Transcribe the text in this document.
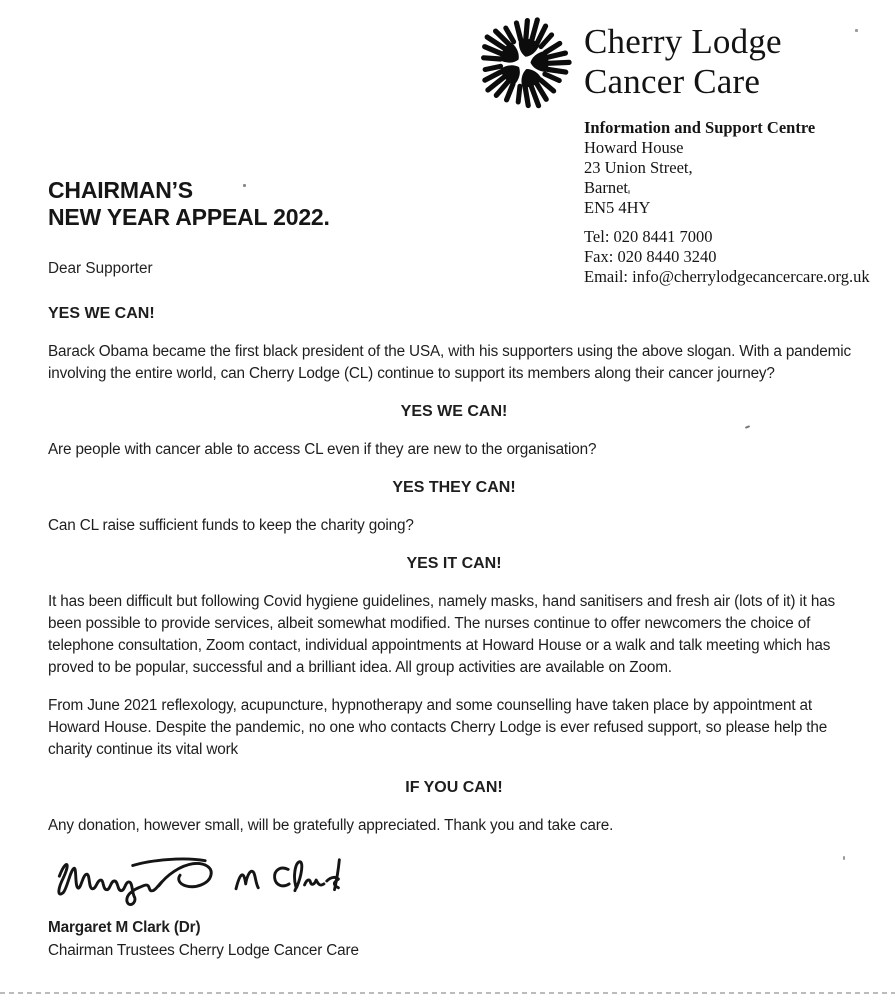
Cherry Lodge
Cancer Care
Information and Support Centre
Howard House
23 Union Street,
Barnet
EN5 4HY
Tel: 020 8441 7000
Fax: 020 8440 3240
Email: info@cherrylodgecancercare.org.uk
CHAIRMAN’S
NEW YEAR APPEAL 2022.
Dear Supporter
YES WE CAN!

Barack Obama became the first black president of the USA, with his supporters using the above slogan. With a pandemic involving the entire world, can Cherry Lodge (CL) continue to support its members along their cancer journey?

YES WE CAN!

Are people with cancer able to access CL even if they are new to the organisation?

YES THEY CAN!

Can CL raise sufficient funds to keep the charity going?

YES IT CAN!

It has been difficult but following Covid hygiene guidelines, namely masks, hand sanitisers and fresh air (lots of it) it has been possible to provide services, albeit somewhat modified. The nurses continue to offer newcomers the choice of telephone consultation, Zoom contact, individual appointments at Howard House or a walk and talk meeting which has proved to be popular, successful and a brilliant idea. All group activities are available on Zoom.

From June 2021 reflexology, acupuncture, hypnotherapy and some counselling have taken place by appointment at Howard House. Despite the pandemic, no one who contacts Cherry Lodge is ever refused support, so please help the charity continue its vital work

IF YOU CAN!

Any donation, however small, will be gratefully appreciated. Thank you and take care.

Margaret M Clark (Dr)
Chairman Trustees Cherry Lodge Cancer Care
